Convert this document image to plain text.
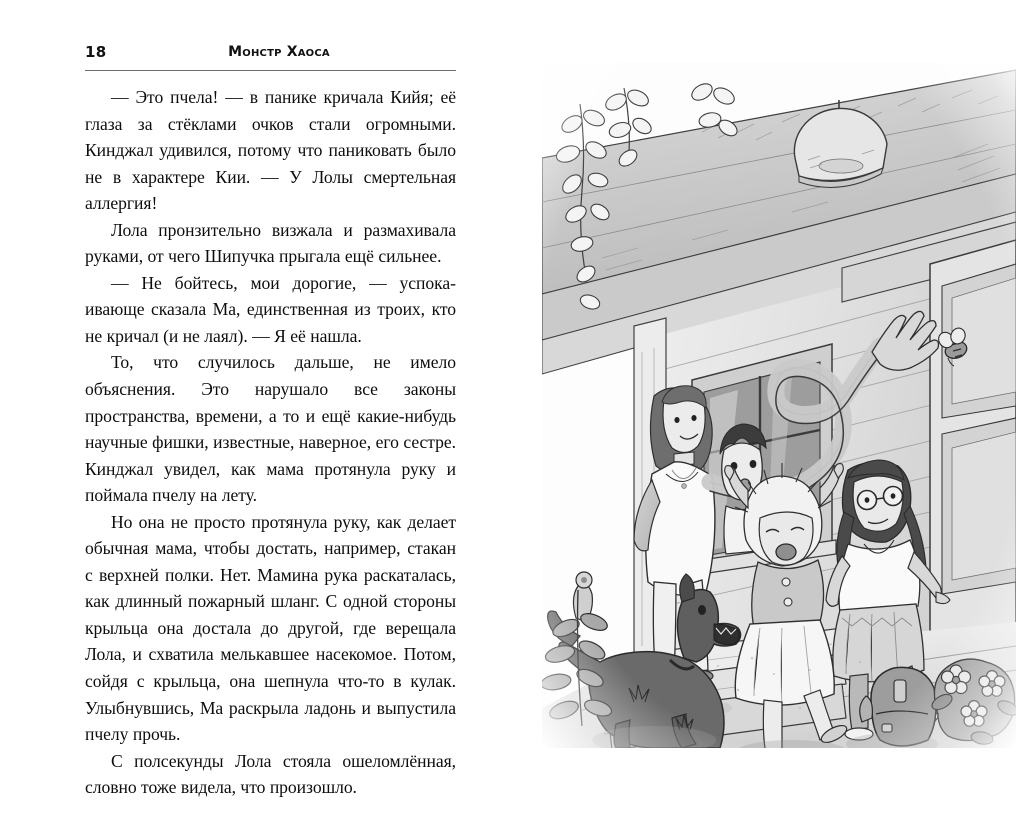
18	Монстр Хаоса

— Это пчела! — в панике кричала Кийя; её глаза за стёклами очков стали огромными. Кинджал удивился, потому что паниковать было не в характере Кии. — У Лолы смертельная аллергия!

Лола пронзительно визжала и размахивала руками, от чего Шипучка прыгала ещё сильнее.

— Не бойтесь, мои дорогие, — успокаивающе сказала Ма, единственная из троих, кто не кричал (и не лаял). — Я её нашла.

То, что случилось дальше, не имело объяснения. Это нарушало все законы пространства, времени, а то и ещё какие-нибудь научные фишки, известные, наверное, его сестре. Кинджал увидел, как мама протянула руку и поймала пчелу на лету.

Но она не просто протянула руку, как делает обычная мама, чтобы достать, например, стакан с верхней полки. Нет. Мамина рука раскаталась, как длинный пожарный шланг. С одной стороны крыльца она достала до другой, где верещала Лола, и схватила мелькавшее насекомое. Потом, сойдя с крыльца, она шепнула что-то в кулак. Улыбнувшись, Ма раскрыла ладонь и выпустила пчелу прочь.

С полсекунды Лола стояла ошеломлённая, словно тоже видела, что произошло.
